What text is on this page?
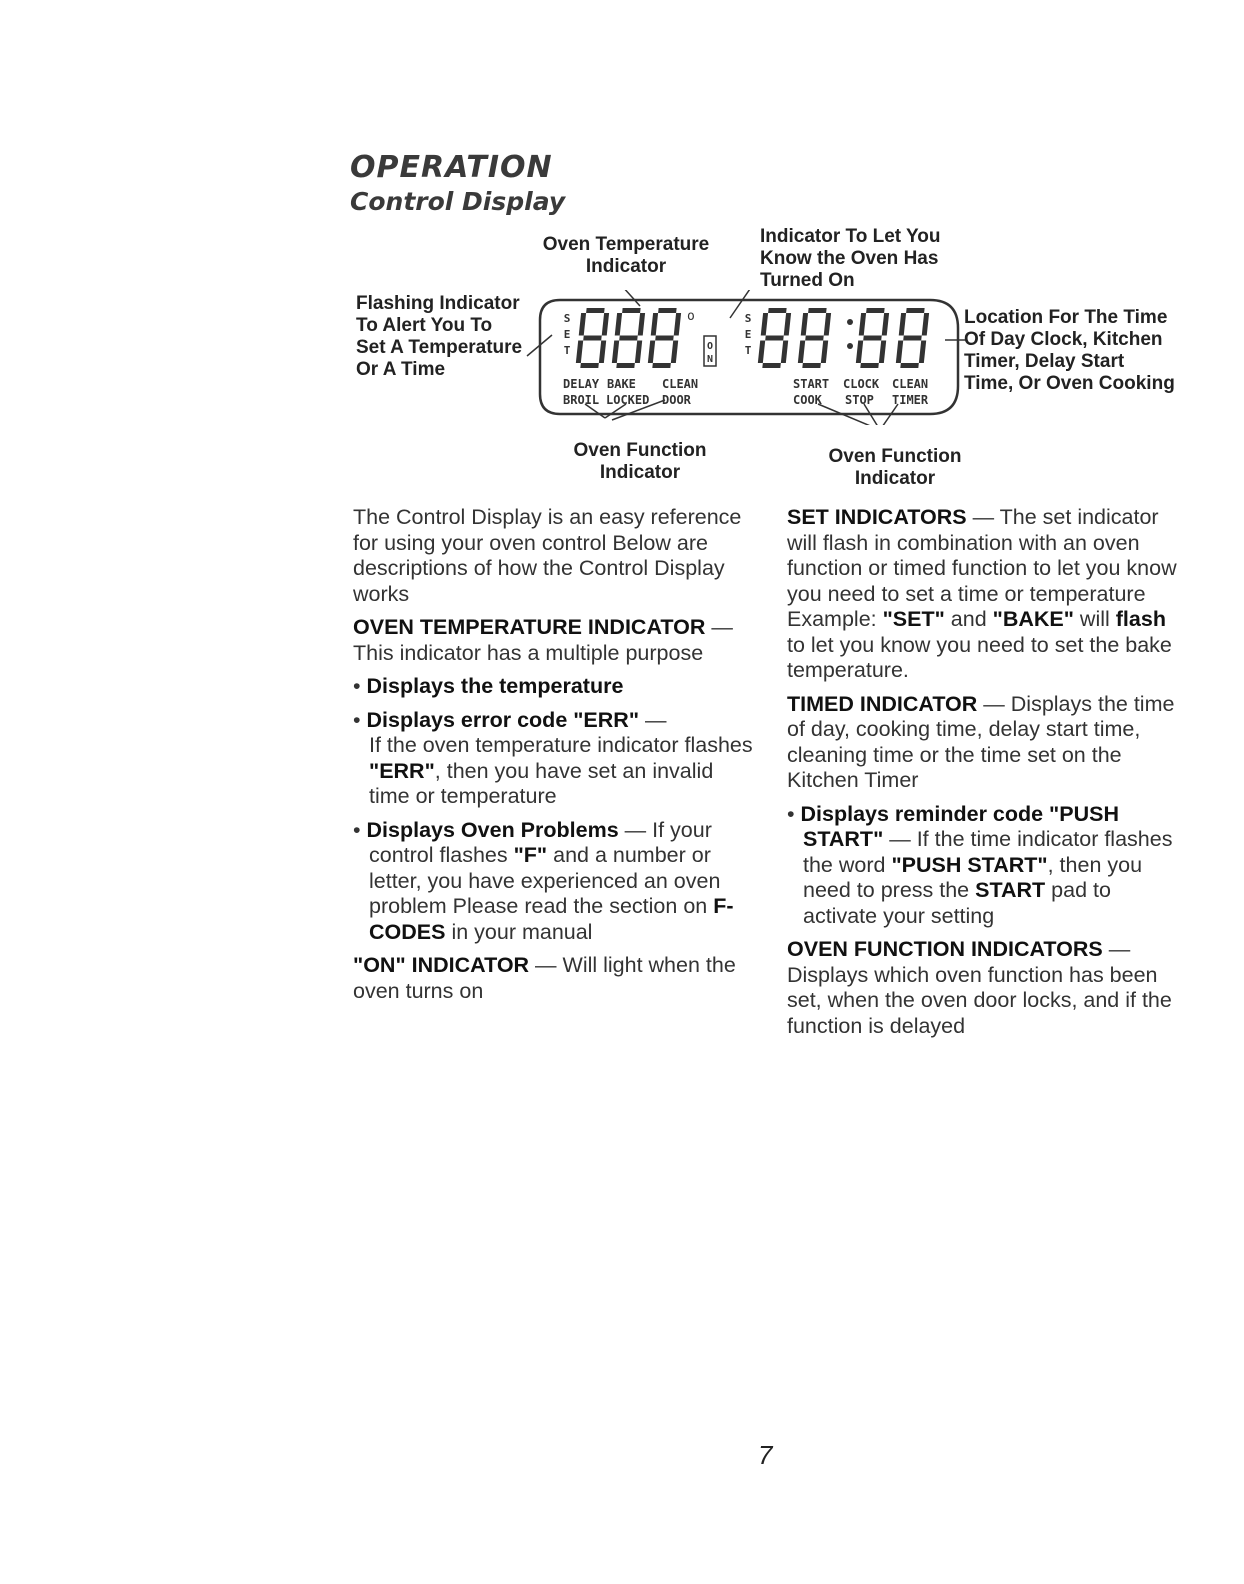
OPERATION
Control Display
Oven Temperature
Indicator
Indicator To Let You
Know the Oven Has
Turned On
Flashing Indicator
To Alert You To
Set A Temperature
Or A Time
Location For The Time
Of Day Clock, Kitchen
Timer, Delay Start
Time, Or Oven Cooking
Oven Function
Indicator
Oven Function
Indicator
S
E
T
S
E
T
o
O
N
DELAY BAKE CLEAN
BROIL LOCKED DOOR
START CLOCK CLEAN
COOK STOP TIMER

The Control Display is an easy reference for using your oven control Below are descriptions of how the Control Display works

OVEN TEMPERATURE INDICATOR —
This indicator has a multiple purpose

• Displays the temperature

• Displays error code "ERR" —
If the oven temperature indicator flashes "ERR", then you have set an invalid time or temperature

• Displays Oven Problems — If your control flashes "F" and a number or letter, you have experienced an oven problem Please read the section on F-CODES in your manual

"ON" INDICATOR — Will light when the oven turns on

SET INDICATORS — The set indicator will flash in combination with an oven function or timed function to let you know you need to set a time or temperature Example: "SET" and "BAKE" will flash to let you know you need to set the bake temperature.

TIMED INDICATOR — Displays the time of day, cooking time, delay start time, cleaning time or the time set on the Kitchen Timer

• Displays reminder code "PUSH START" — If the time indicator flashes the word "PUSH START", then you need to press the START pad to activate your setting

OVEN FUNCTION INDICATORS —
Displays which oven function has been set, when the oven door locks, and if the function is delayed
7
